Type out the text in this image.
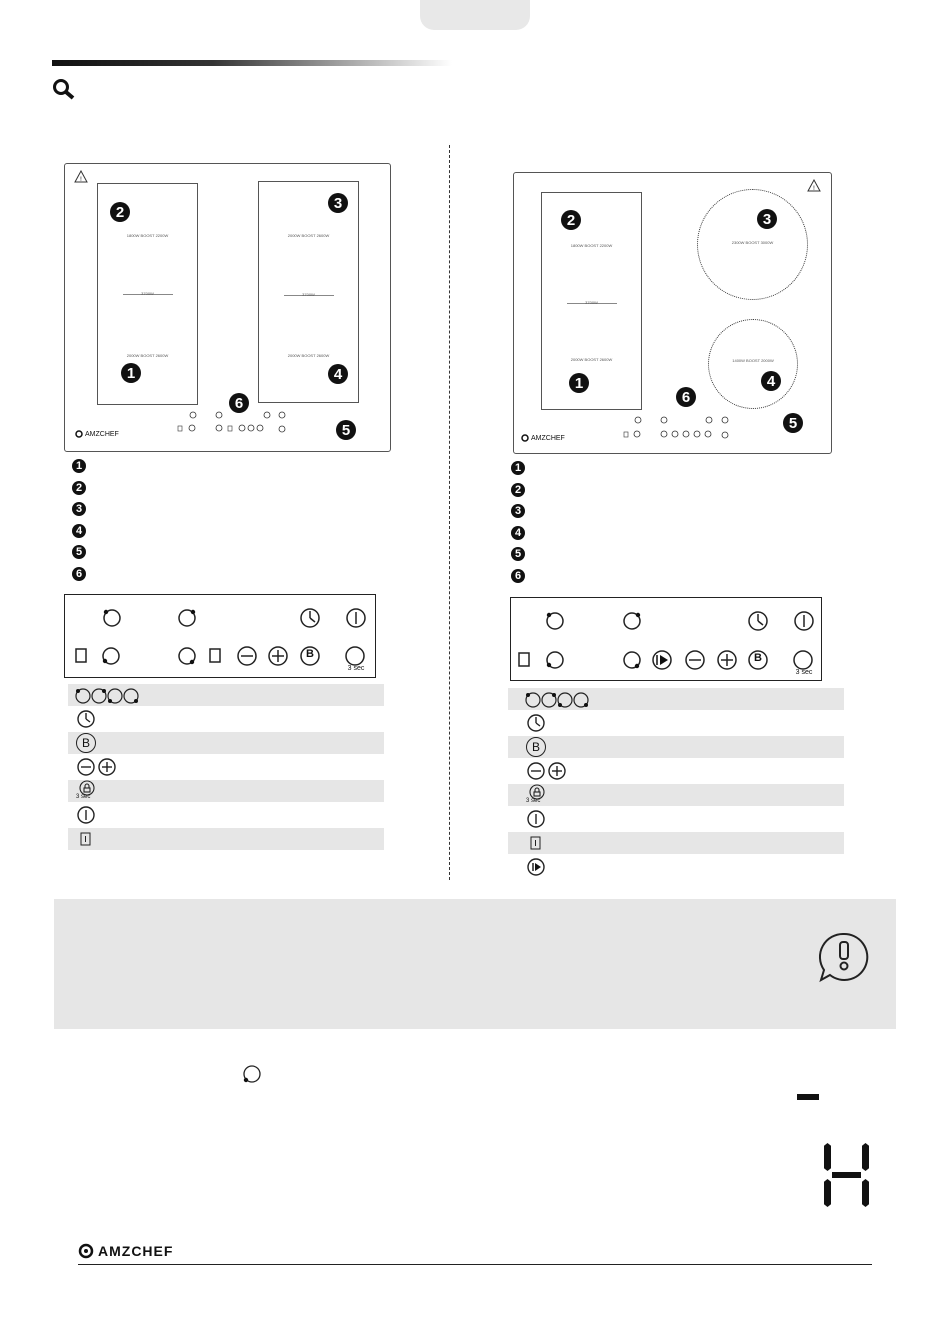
!
2
1800W BOOST 2200W
3700W
2000W BOOST 2600W
1
3
2000W BOOST 2600W
3700W
2000W BOOST 2600W
4
6
5
AMZCHEF
1
2
3
4
5
6
B
3 sec
B
3 sec
!
2
1800W BOOST 2200W
3700W
2000W BOOST 2600W
1
3
2300W BOOST 3000W
1400W BOOST 2000W
4
6
5
AMZCHEF
1
2
3
4
5
6
B
3 sec
B
3 sec
AMZCHEF
